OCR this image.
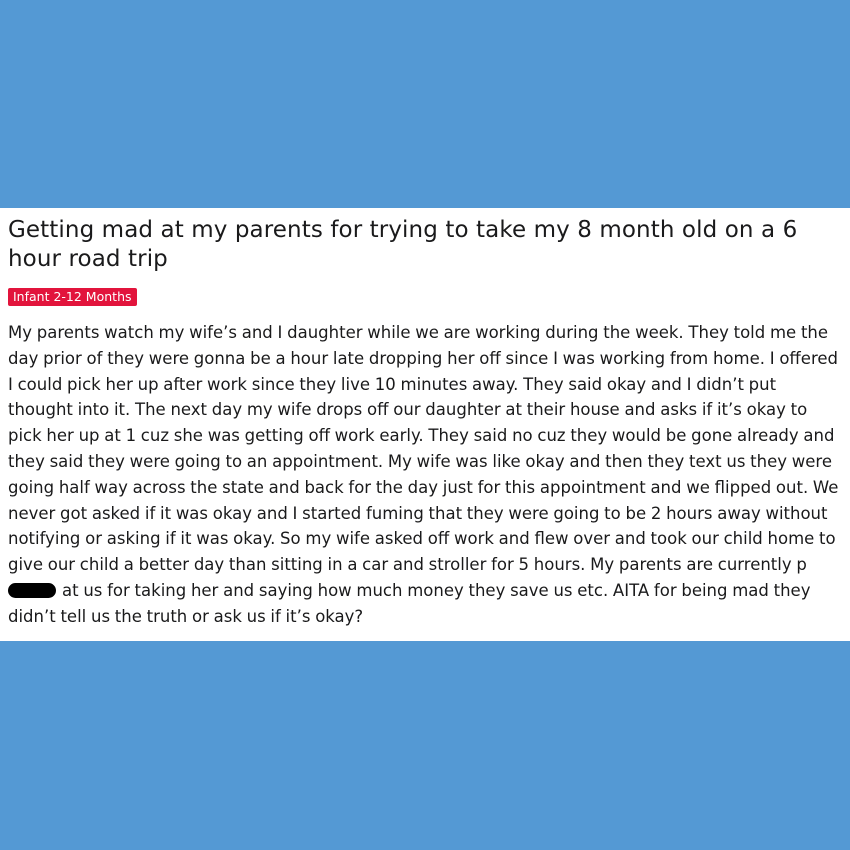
Getting mad at my parents for trying to take my 8 month old on a 6 hour road trip
Infant 2-12 Months

My parents watch my wife’s and I daughter while we are working during the week. They told me the day prior of they were gonna be a hour late dropping her off since I was working from home. I offered I could pick her up after work since they live 10 minutes away. They said okay and I didn’t put thought into it. The next day my wife drops off our daughter at their house and asks if it’s okay to pick her up at 1 cuz she was getting off work early. They said no cuz they would be gone already and they said they were going to an appointment. My wife was like okay and then they text us they were going half way across the state and back for the day just for this appointment and we flipped out. We never got asked if it was okay and I started fuming that they were going to be 2 hours away without notifying or asking if it was okay. So my wife asked off work and flew over and took our child home to give our child a better day than sitting in a car and stroller for 5 hours. My parents are currently pat us for taking her and saying how much money they save us etc. AITA for being mad they didn’t tell us the truth or ask us if it’s okay?
